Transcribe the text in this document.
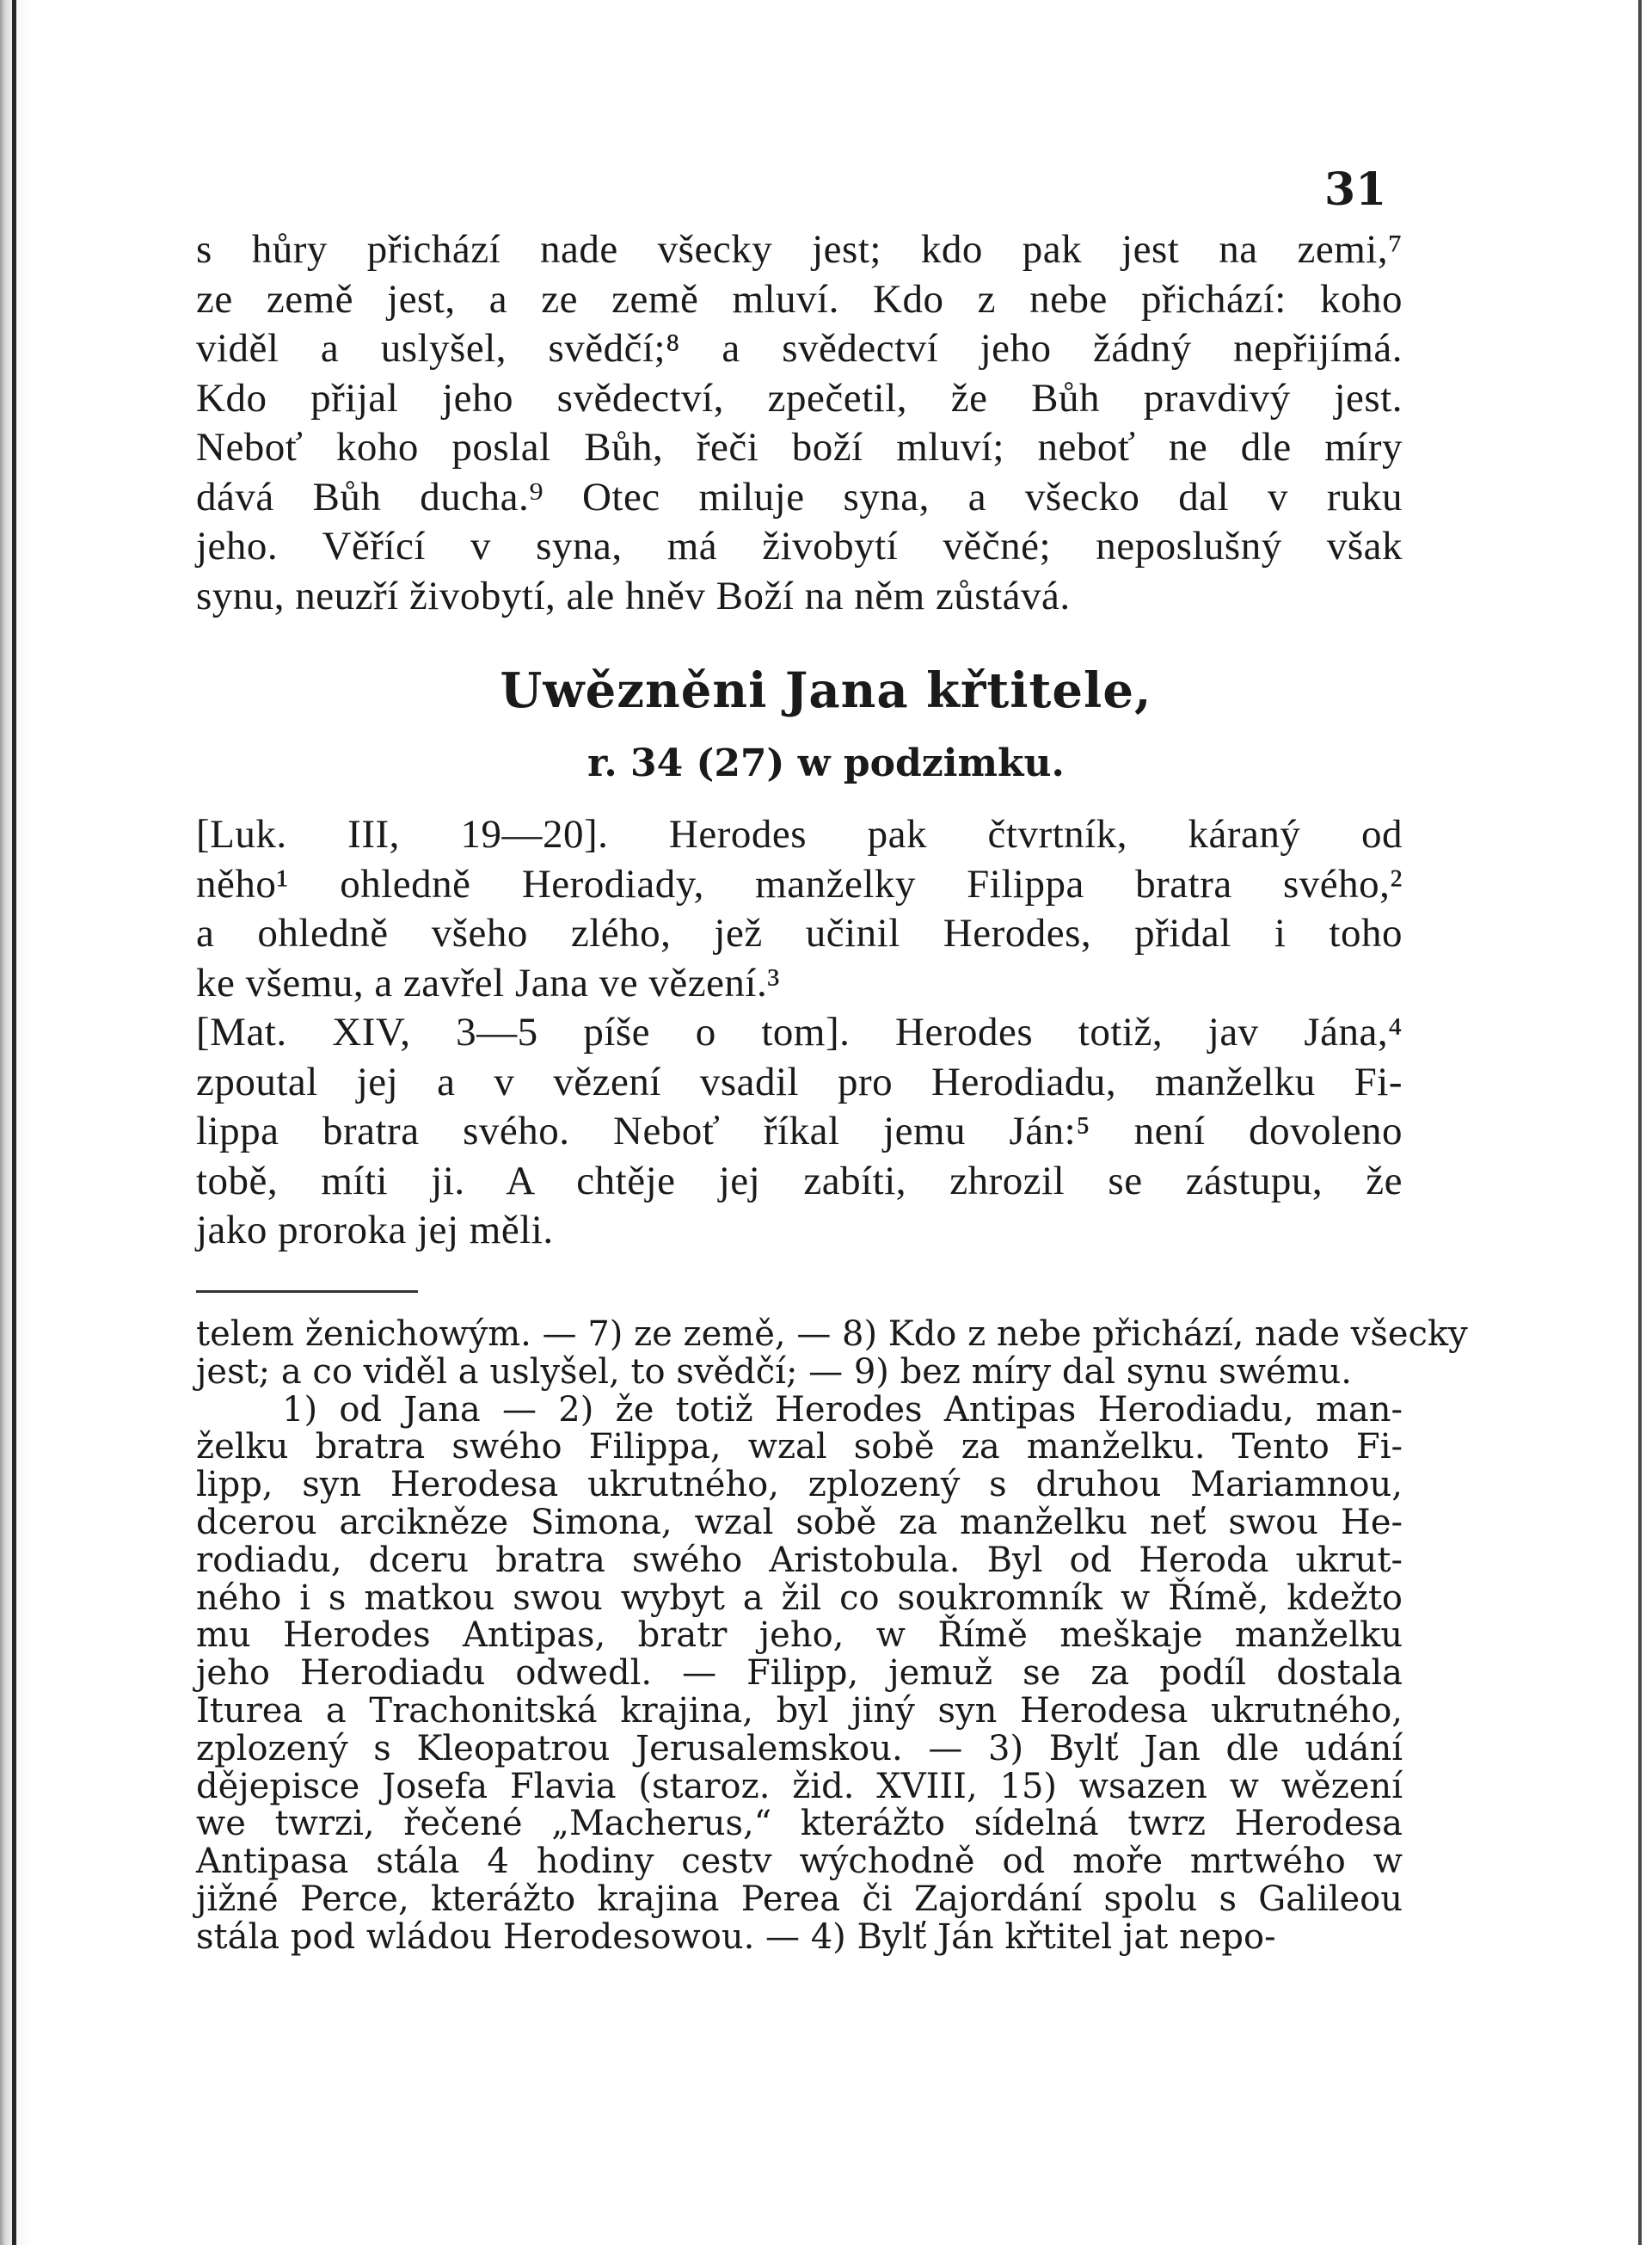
31
s hůry přichází nade všecky jest; kdo pak jest na zemi,⁷
ze země jest, a ze země mluví. Kdo z nebe přichází: koho
viděl a uslyšel, svědčí;⁸ a svědectví jeho žádný nepřijímá.
Kdo přijal jeho svědectví, zpečetil, že Bůh pravdivý jest.
Neboť koho poslal Bůh, řeči boží mluví; neboť ne dle míry
dává Bůh ducha.⁹ Otec miluje syna, a všecko dal v ruku
jeho. Věřící v syna, má živobytí věčné; neposlušný však
synu, neuzří živobytí, ale hněv Boží na něm zůstává.
Uwězněni Jana křtitele,
r. 34 (27) w podzimku.
[Luk. III, 19—20]. Herodes pak čtvrtník, káraný od
něho¹ ohledně Herodiady, manželky Filippa bratra svého,²
a ohledně všeho zlého, jež učinil Herodes, přidal i toho
ke všemu, a zavřel Jana ve vězení.³
[Mat. XIV, 3—5 píše o tom]. Herodes totiž, jav Jána,⁴
zpoutal jej a v vězení vsadil pro Herodiadu, manželku Fi-
lippa bratra svého. Neboť říkal jemu Ján:⁵ není dovoleno
tobě, míti ji. A chtěje jej zabíti, zhrozil se zástupu, že
jako proroka jej měli.
telem ženichowým. — 7) ze země, — 8) Kdo z nebe přichází, nade všecky
jest; a co viděl a uslyšel, to svědčí; — 9) bez míry dal synu swému.
1) od Jana — 2) že totiž Herodes Antipas Herodiadu, man-
želku bratra swého Filippa, wzal sobě za manželku. Tento Fi-
lipp, syn Herodesa ukrutného, zplozený s druhou Mariamnou,
dcerou arcikněze Simona, wzal sobě za manželku neť swou He-
rodiadu, dceru bratra swého Aristobula. Byl od Heroda ukrut-
ného i s matkou swou wybyt a žil co soukromník w Římě, kdežto
mu Herodes Antipas, bratr jeho, w Římě meškaje manželku
jeho Herodiadu odwedl. — Filipp, jemuž se za podíl dostala
Iturea a Trachonitská krajina, byl jiný syn Herodesa ukrutného,
zplozený s Kleopatrou Jerusalemskou. — 3) Bylť Jan dle udání
dějepisce Josefa Flavia (staroz. žid. XVIII, 15) wsazen w wězení
we twrzi, řečené „Macherus,“ kterážto sídelná twrz Herodesa
Antipasa stála 4 hodiny cestv wýchodně od moře mrtwého w
jižné Perce, kterážto krajina Perea či Zajordání spolu s Galileou
stála pod wládou Herodesowou. — 4) Bylť Ján křtitel jat nepo-
